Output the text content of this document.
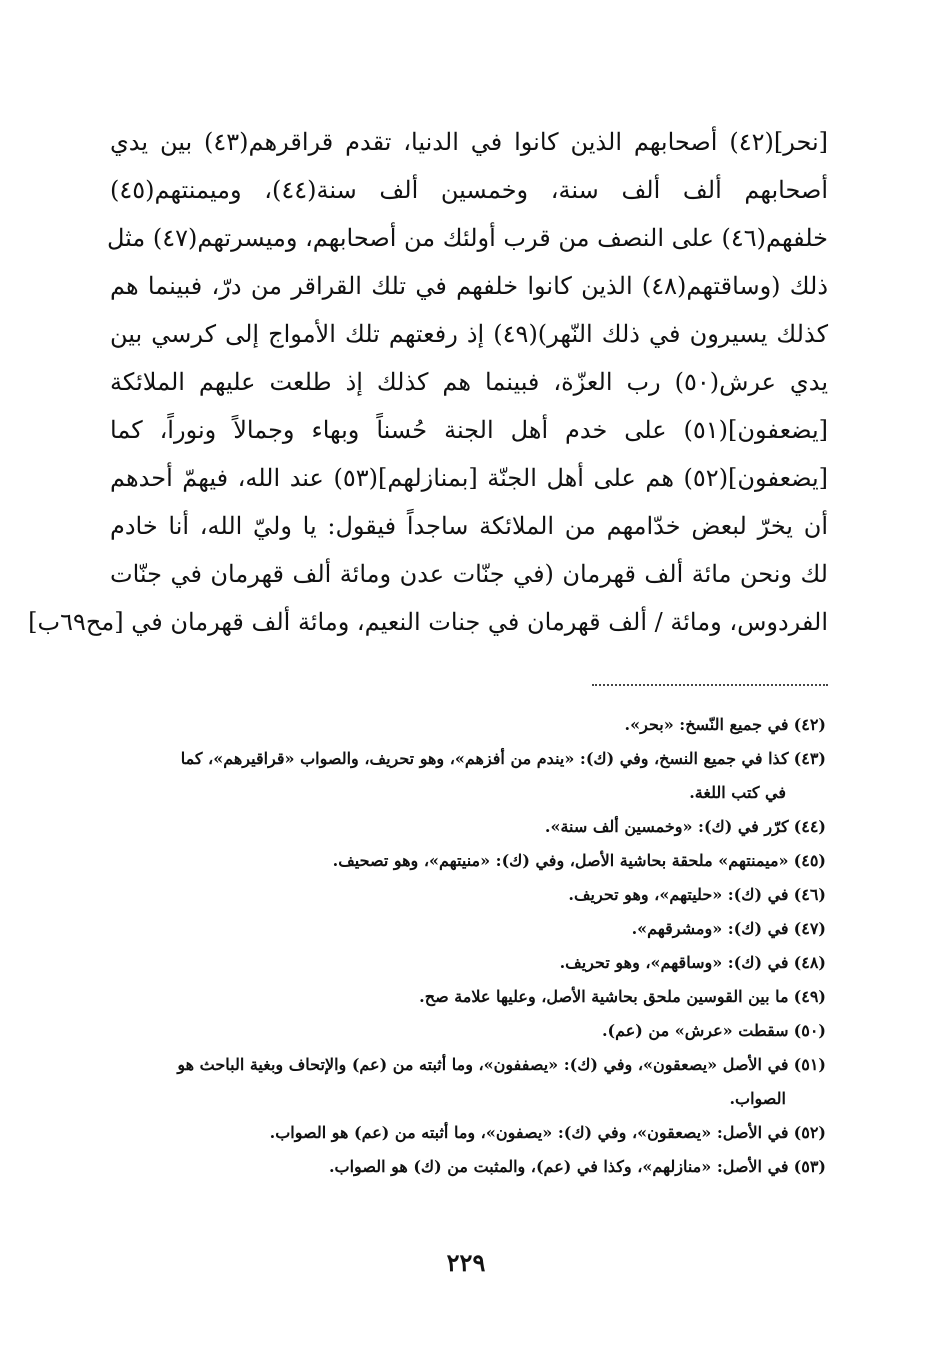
[نحر](٤٢) أصحابهم الذين كانوا في الدنيا، تقدم قراقرهم(٤٣) بين يدي
أصحابهم ألف ألف سنة، وخمسين ألف سنة(٤٤)، وميمنتهم(٤٥)
خلفهم(٤٦) على النصف من قرب أولئك من أصحابهم، وميسرتهم(٤٧) مثل
ذلك (وساقتهم(٤٨) الذين كانوا خلفهم في تلك القراقر من درّ، فبينما هم
كذلك يسيرون في ذلك النّهر)(٤٩) إذ رفعتهم تلك الأمواج إلى كرسي بين
يدي عرش(٥٠) رب العزّة، فبينما هم كذلك إذ طلعت عليهم الملائكة
[يضعفون](٥١) على خدم أهل الجنة حُسناً وبهاء وجمالاً ونوراً، كما
[يضعفون](٥٢) هم على أهل الجنّة [بمنازلهم](٥٣) عند الله، فيهمّ أحدهم
أن يخرّ لبعض خدّامهم من الملائكة ساجداً فيقول: يا وليّ الله، أنا خادم
لك ونحن مائة ألف قهرمان (في جنّات عدن ومائة ألف قهرمان في جنّات
الفردوس، ومائة / ألف قهرمان في جنات النعيم، ومائة ألف قهرمان في [مح٦٩ب]
(٤٢) في جميع النّسخ: «بحر».
(٤٣) كذا في جميع النسخ، وفي (ك): «يندم من أفزهم»، وهو تحريف، والصواب «قراقيرهم»، كما
في كتب اللغة.
(٤٤) كرّر في (ك): «وخمسين ألف سنة».
(٤٥) «ميمنتهم» ملحقة بحاشية الأصل، وفي (ك): «منيتهم»، وهو تصحيف.
(٤٦) في (ك): «حليتهم»، وهو تحريف.
(٤٧) في (ك): «ومشرقهم».
(٤٨) في (ك): «وساقهم»، وهو تحريف.
(٤٩) ما بين القوسين ملحق بحاشية الأصل، وعليها علامة صح.
(٥٠) سقطت «عرش» من (عم).
(٥١) في الأصل «يصعقون»، وفي (ك): «يصففون»، وما أثبته من (عم) والإتحاف وبغية الباحث هو
الصواب.
(٥٢) في الأصل: «يصعقون»، وفي (ك): «يصفون»، وما أثبته من (عم) هو الصواب.
(٥٣) في الأصل: «منازلهم»، وكذا في (عم)، والمثبت من (ك) هو الصواب.
٢٢٩
